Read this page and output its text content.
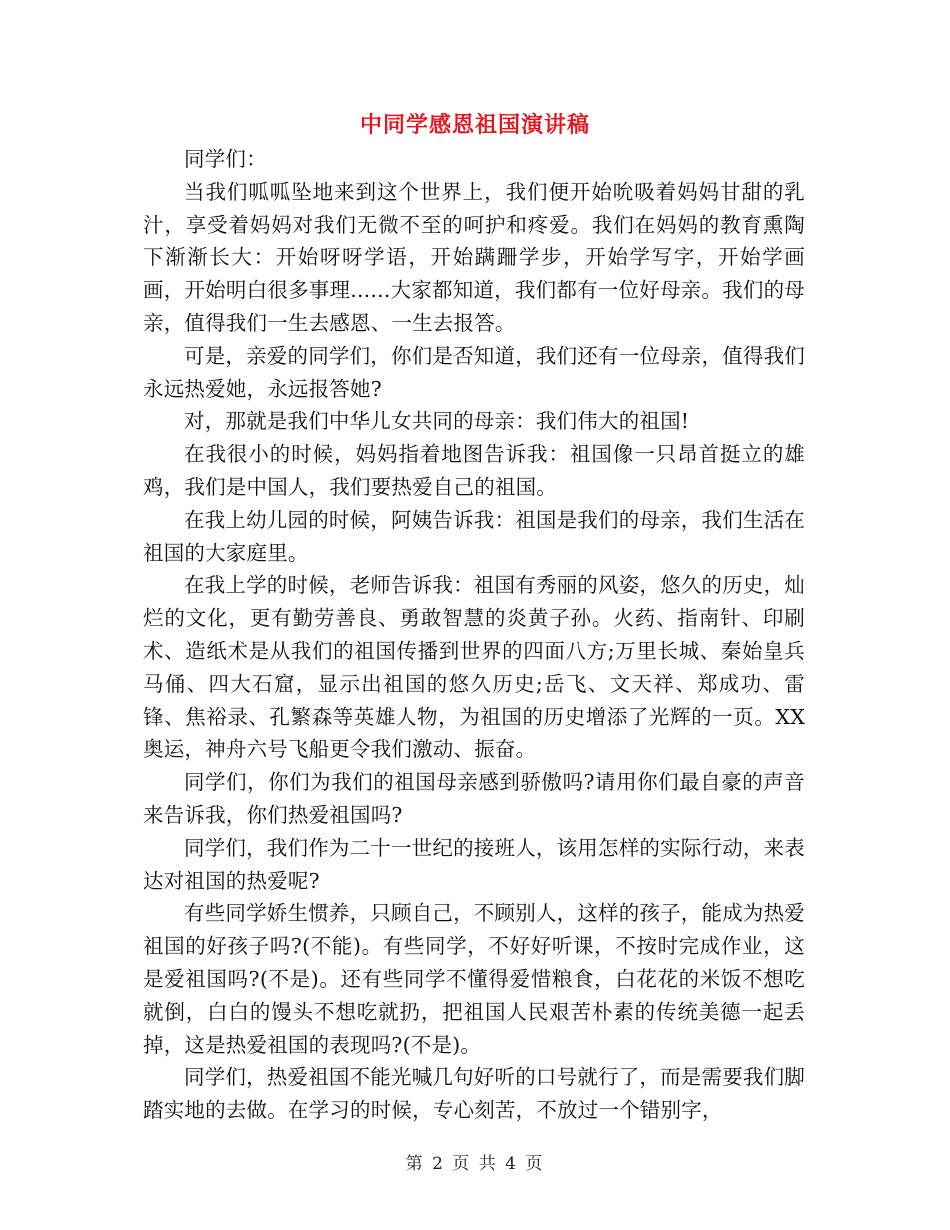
中同学感恩祖国演讲稿

同学们：

当我们呱呱坠地来到这个世界上，我们便开始吮吸着妈妈甘甜的乳汁，享受着妈妈对我们无微不至的呵护和疼爱。我们在妈妈的教育熏陶下渐渐长大：开始呀呀学语，开始蹒跚学步，开始学写字，开始学画画，开始明白很多事理......大家都知道，我们都有一位好母亲。我们的母亲，值得我们一生去感恩、一生去报答。

可是，亲爱的同学们，你们是否知道，我们还有一位母亲，值得我们永远热爱她，永远报答她?

对，那就是我们中华儿女共同的母亲：我们伟大的祖国!

在我很小的时候，妈妈指着地图告诉我：祖国像一只昂首挺立的雄鸡，我们是中国人，我们要热爱自己的祖国。

在我上幼儿园的时候，阿姨告诉我：祖国是我们的母亲，我们生活在祖国的大家庭里。

在我上学的时候，老师告诉我：祖国有秀丽的风姿，悠久的历史，灿烂的文化，更有勤劳善良、勇敢智慧的炎黄子孙。火药、指南针、印刷术、造纸术是从我们的祖国传播到世界的四面八方;万里长城、秦始皇兵马俑、四大石窟，显示出祖国的悠久历史;岳飞、文天祥、郑成功、雷锋、焦裕录、孔繁森等英雄人物，为祖国的历史增添了光辉的一页。XX奥运，神舟六号飞船更令我们激动、振奋。

同学们，你们为我们的祖国母亲感到骄傲吗?请用你们最自豪的声音来告诉我，你们热爱祖国吗?

同学们，我们作为二十一世纪的接班人，该用怎样的实际行动，来表达对祖国的热爱呢?

有些同学娇生惯养，只顾自己，不顾别人，这样的孩子，能成为热爱祖国的好孩子吗?(不能)。有些同学，不好好听课，不按时完成作业，这是爱祖国吗?(不是)。还有些同学不懂得爱惜粮食，白花花的米饭不想吃就倒，白白的馒头不想吃就扔，把祖国人民艰苦朴素的传统美德一起丢掉，这是热爱祖国的表现吗?(不是)。

同学们，热爱祖国不能光喊几句好听的口号就行了，而是需要我们脚踏实地的去做。在学习的时候，专心刻苦，不放过一个错别字，

第 2 页 共 4 页
